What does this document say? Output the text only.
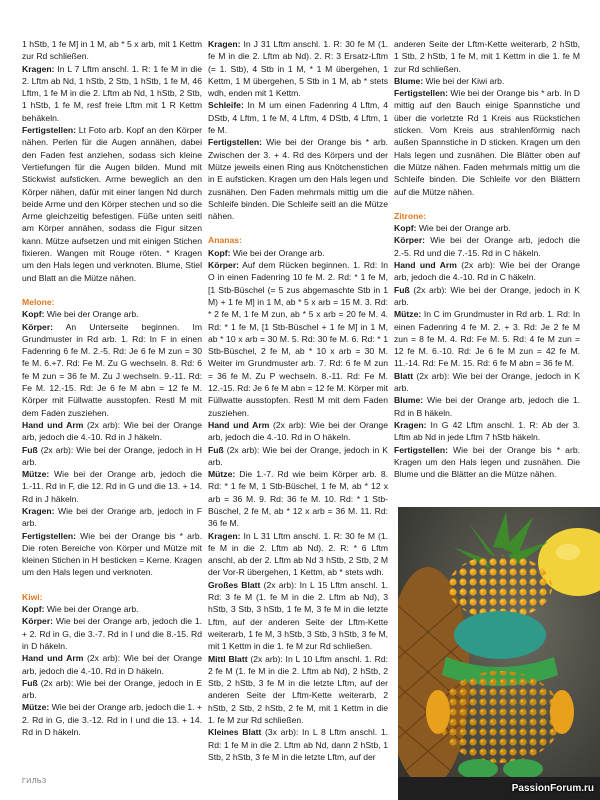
1 hStb, 1 fe M] in 1 M, ab * 5 x arb, mit 1 Kettm zur Rd schließen.

Kragen: In L 7 Lftm anschl. 1. R: 1 fe M in die 2. Lftm ab Nd, 1 hStb, 2 Stb, 1 hStb, 1 fe M, 46 Lftm, 1 fe M in die 2. Lftm ab Nd, 1 hStb, 2 Stb, 1 hStb, 1 fe M, resf freie Lftm mit 1 R Kettm behäkeln.

Fertigstellen: Lt Foto arb. Kopf an den Körper nähen. Perlen für die Augen annähen, dabei den Faden fest anziehen, sodass sich kleine Vertiefungen für die Augen bilden. Mund mit Stickwist aufsticken. Arme beweglich an den Körper nähen, dafür mit einer langen Nd durch beide Arme und den Körper stechen und so die Arme gleichzeitig befestigen. Füße unten seitl am Körper annähen, sodass die Figur sitzen kann. Mütze aufsetzen und mit einigen Stichen fixieren. Wangen mit Rouge röten. * Kragen um den Hals legen und verknoten. Blume, Stiel und Blatt an die Mütze nähen.

Melone:

Kopf: Wie bei der Orange arb.

Körper: An Unterseite beginnen. Im Grundmuster in Rd arb. 1. Rd: In F in einen Fadenring 6 fe M. 2.-5. Rd: Je 6 fe M zun = 30 fe M. 6.+7. Rd: Fe M. Zu G wechseln. 8. Rd: 6 fe M zun = 36 fe M. Zu J wechseln. 9.-11. Rd: Fe M. 12.-15. Rd: Je 6 fe M abn = 12 fe M. Körper mit Füllwatte ausstopfen. Restl M mit dem Faden zusziehen.

Hand und Arm (2x arb): Wie bei der Orange arb, jedoch die 4.-10. Rd in J häkeln.

Fuß (2x arb): Wie bei der Orange, jedoch in H arb.

Mütze: Wie bei der Orange arb, jedoch die 1.-11. Rd in F, die 12. Rd in G und die 13. + 14. Rd in J häkeln.

Kragen: Wie bei der Orange arb, jedoch in F arb.

Fertigstellen: Wie bei der Orange bis * arb. Die roten Bereiche von Körper und Mütze mit kleinen Stichen in H besticken = Kerne. Kragen um den Hals legen und verknoten.

Kiwi:

Kopf: Wie bei der Orange arb.

Körper: Wie bei der Orange arb, jedoch die 1. + 2. Rd in G, die 3.-7. Rd in I und die 8.-15. Rd in D häkeln.

Hand und Arm (2x arb): Wie bei der Orange arb, jedoch die 4.-10. Rd in D häkeln.

Fuß (2x arb): Wie bei der Orange, jedoch in E arb.

Mütze: Wie bei der Orange arb, jedoch die 1. + 2. Rd in G, die 3.-12. Rd in I und die 13. + 14. Rd in D häkeln.

Kragen: In J 31 Lftm anschl. 1. R: 30 fe M (1. fe M in die 2. Lftm ab Nd). 2. R: 3 Ersatz-Lftm (= 1. Stb), 4 Stb in 1 M, * 1 M übergehen, 1 Kettm, 1 M übergehen, 5 Stb in 1 M, ab * stets wdh, enden mit 1 Kettm.

Schleife: In M um einen Fadenring 4 Lftm, 4 DStb, 4 Lftm, 1 fe M, 4 Lftm, 4 DStb, 4 Lftm, 1 fe M.

Fertigstellen: Wie bei der Orange bis * arb. Zwischen der 3. + 4. Rd des Körpers und der Mütze jeweils einen Ring aus Knötchenstichen in E aufsticken. Kragen um den Hals legen und zusnähen. Den Faden mehrmals mittig um die Schleife binden. Die Schleife seitl an die Mütze nähen.

Ananas:

Kopf: Wie bei der Orange arb.

Körper: Auf dem Rücken beginnen. 1. Rd: In O in einen Fadenring 10 fe M. 2. Rd: * 1 fe M, [1 Stb-Büschel (= 5 zus abgemaschte Stb in 1 M) + 1 fe M] in 1 M, ab * 5 x arb = 15 M. 3. Rd: * 2 fe M, 1 fe M zun, ab * 5 x arb = 20 fe M. 4. Rd: * 1 fe M, [1 Stb-Büschel + 1 fe M] in 1 M, ab * 10 x arb = 30 M. 5. Rd: 30 fe M. 6. Rd: * 1 Stb-Büschel, 2 fe M, ab * 10 x arb = 30 M. Weiter im Grundmuster arb. 7. Rd: 6 fe M zun = 36 fe M. Zu P wechseln. 8.-11. Rd: Fe M. 12.-15. Rd: Je 6 fe M abn = 12 fe M. Körper mit Füllwatte ausstopfen. Restl M mit dem Faden zusziehen.

Hand und Arm (2x arb): Wie bei der Orange arb, jedoch die 4.-10. Rd in O häkeln.

Fuß (2x arb): Wie bei der Orange, jedoch in K arb.

Mütze: Die 1.-7. Rd wie beim Körper arb. 8. Rd: * 1 fe M, 1 Stb-Büschel, 1 fe M, ab * 12 x arb = 36 M. 9. Rd: 36 fe M. 10. Rd: * 1 Stb-Büschel, 2 fe M, ab * 12 x arb = 36 M. 11. Rd: 36 fe M.

Kragen: In L 31 Lftm anschl. 1. R: 30 fe M (1. fe M in die 2. Lftm ab Nd). 2. R: * 6 Lftm anschl, ab der 2. Lftm ab Nd 3 hStb, 2 Stb, 2 M der Vor-R übergehen, 1 Kettm, ab * stets wdh.

Großes Blatt (2x arb): In L 15 Lftm anschl. 1. Rd: 3 fe M (1. fe M in die 2. Lftm ab Nd), 3 hStb, 3 Stb, 3 hStb, 1 fe M, 3 fe M in die letzte Lftm, auf der anderen Seite der Lftm-Kette weiterarb, 1 fe M, 3 hStb, 3 Stb, 3 hStb, 3 fe M, mit 1 Kettm in die 1. fe M zur Rd schließen.

Mittl Blatt (2x arb): In L 10 Lftm anschl. 1. Rd: 2 fe M (1. fe M in die 2. Lftm ab Nd), 2 hStb, 2 Stb, 2 hStb, 3 fe M in die letzte Lftm, auf der anderen Seite der Lftm-Kette weiterarb, 2 hStb, 2 Stb, 2 hStb, 2 fe M, mit 1 Kettm in die 1. fe M zur Rd schließen.

Kleines Blatt (3x arb): In L 8 Lftm anschl. 1. Rd: 1 fe M in die 2. Lftm ab Nd, dann 2 hStb, 1 Stb, 2 hStb, 3 fe M in die letzte Lftm, auf der

anderen Seite der Lftm-Kette weiterarb, 2 hStb, 1 Stb, 2 hStb, 1 fe M, mit 1 Kettm in die 1. fe M zur Rd schließen.

Blume: Wie bei der Kiwi arb.

Fertigstellen: Wie bei der Orange bis * arb. In D mittig auf den Bauch einige Spannstiche und über die vorletzte Rd 1 Kreis aus Rückstichen sticken. Vom Kreis aus strahlenförmig nach außen Spannstiche in D sticken. Kragen um den Hals legen und zusnähen. Die Blätter oben auf die Mütze nähen. Faden mehrmals mittig um die Schleife binden. Die Schleife vor den Blättern auf die Mütze nähen.

Zitrone:

Kopf: Wie bei der Orange arb.

Körper: Wie bei der Orange arb, jedoch die 2.-5. Rd und die 7.-15. Rd in C häkeln.

Hand und Arm (2x arb): Wie bei der Orange arb, jedoch die 4.-10. Rd in C häkeln.

Fuß (2x arb): Wie bei der Orange, jedoch in K arb.

Mütze: In C im Grundmuster in Rd arb. 1. Rd: In einen Fadenring 4 fe M. 2. + 3. Rd: Je 2 fe M zun = 8 fe M. 4. Rd: Fe M. 5. Rd: 4 fe M zun = 12 fe M. 6.-10. Rd: Je 6 fe M zun = 42 fe M. 11.-14. Rd: Fe M. 15. Rd: 6 fe M abn = 36 fe M.

Blatt (2x arb): Wie bei der Orange, jedoch in K arb.

Blume: Wie bei der Orange arb, jedoch die 1. Rd in B häkeln.

Kragen: In G 42 Lftm anschl. 1. R: Ab der 3. Lftm ab Nd in jede Lftm 7 hStb häkeln.

Fertigstellen: Wie bei der Orange bis * arb. Kragen um den Hals legen und zusnähen. Die Blume und die Blätter an die Mütze nähen.

ГИЛЬЗ
PassionForum.ru
